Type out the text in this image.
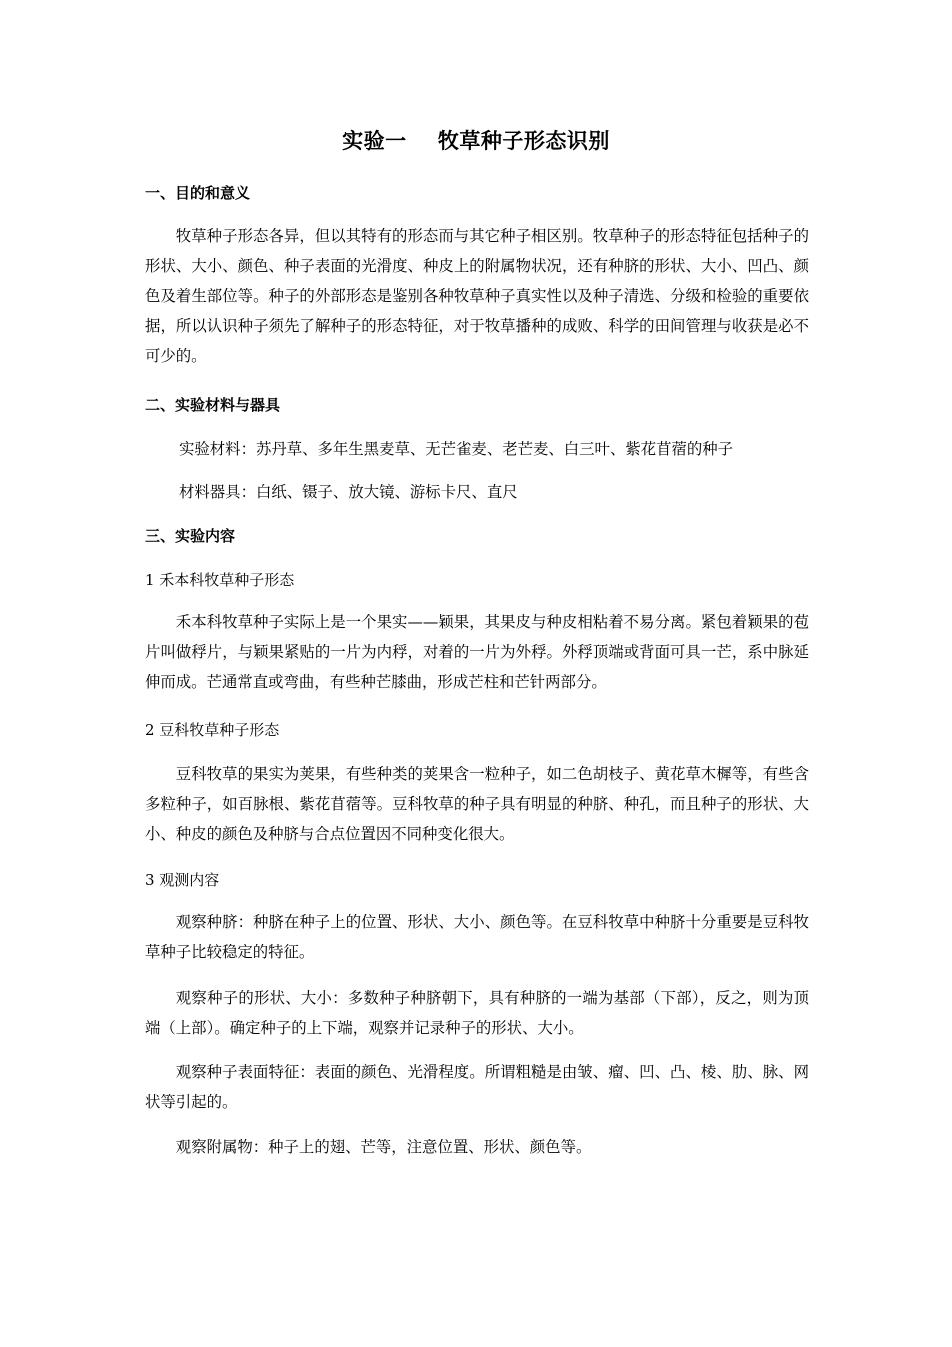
实验一    牧草种子形态识别
一、目的和意义

牧草种子形态各异，但以其特有的形态而与其它种子相区别。牧草种子的形态特征包括种子的形状、大小、颜色、种子表面的光滑度、种皮上的附属物状况，还有种脐的形状、大小、凹凸、颜色及着生部位等。种子的外部形态是鉴别各种牧草种子真实性以及种子清选、分级和检验的重要依据，所以认识种子须先了解种子的形态特征，对于牧草播种的成败、科学的田间管理与收获是必不可少的。

二、实验材料与器具
实验材料：苏丹草、多年生黑麦草、无芒雀麦、老芒麦、白三叶、紫花苜蓿的种子
材料器具：白纸、镊子、放大镜、游标卡尺、直尺
三、实验内容
1 禾本科牧草种子形态

禾本科牧草种子实际上是一个果实——颖果，其果皮与种皮相粘着不易分离。紧包着颖果的苞片叫做稃片，与颖果紧贴的一片为内稃，对着的一片为外稃。外稃顶端或背面可具一芒，系中脉延伸而成。芒通常直或弯曲，有些种芒膝曲，形成芒柱和芒针两部分。

2 豆科牧草种子形态

豆科牧草的果实为荚果，有些种类的荚果含一粒种子，如二色胡枝子、黄花草木樨等，有些含多粒种子，如百脉根、紫花苜蓿等。豆科牧草的种子具有明显的种脐、种孔，而且种子的形状、大小、种皮的颜色及种脐与合点位置因不同种变化很大。

3 观测内容

观察种脐：种脐在种子上的位置、形状、大小、颜色等。在豆科牧草中种脐十分重要是豆科牧草种子比较稳定的特征。

观察种子的形状、大小：多数种子种脐朝下，具有种脐的一端为基部（下部），反之，则为顶端（上部）。确定种子的上下端，观察并记录种子的形状、大小。

观察种子表面特征：表面的颜色、光滑程度。所谓粗糙是由皱、瘤、凹、凸、棱、肋、脉、网状等引起的。

观察附属物：种子上的翅、芒等，注意位置、形状、颜色等。
